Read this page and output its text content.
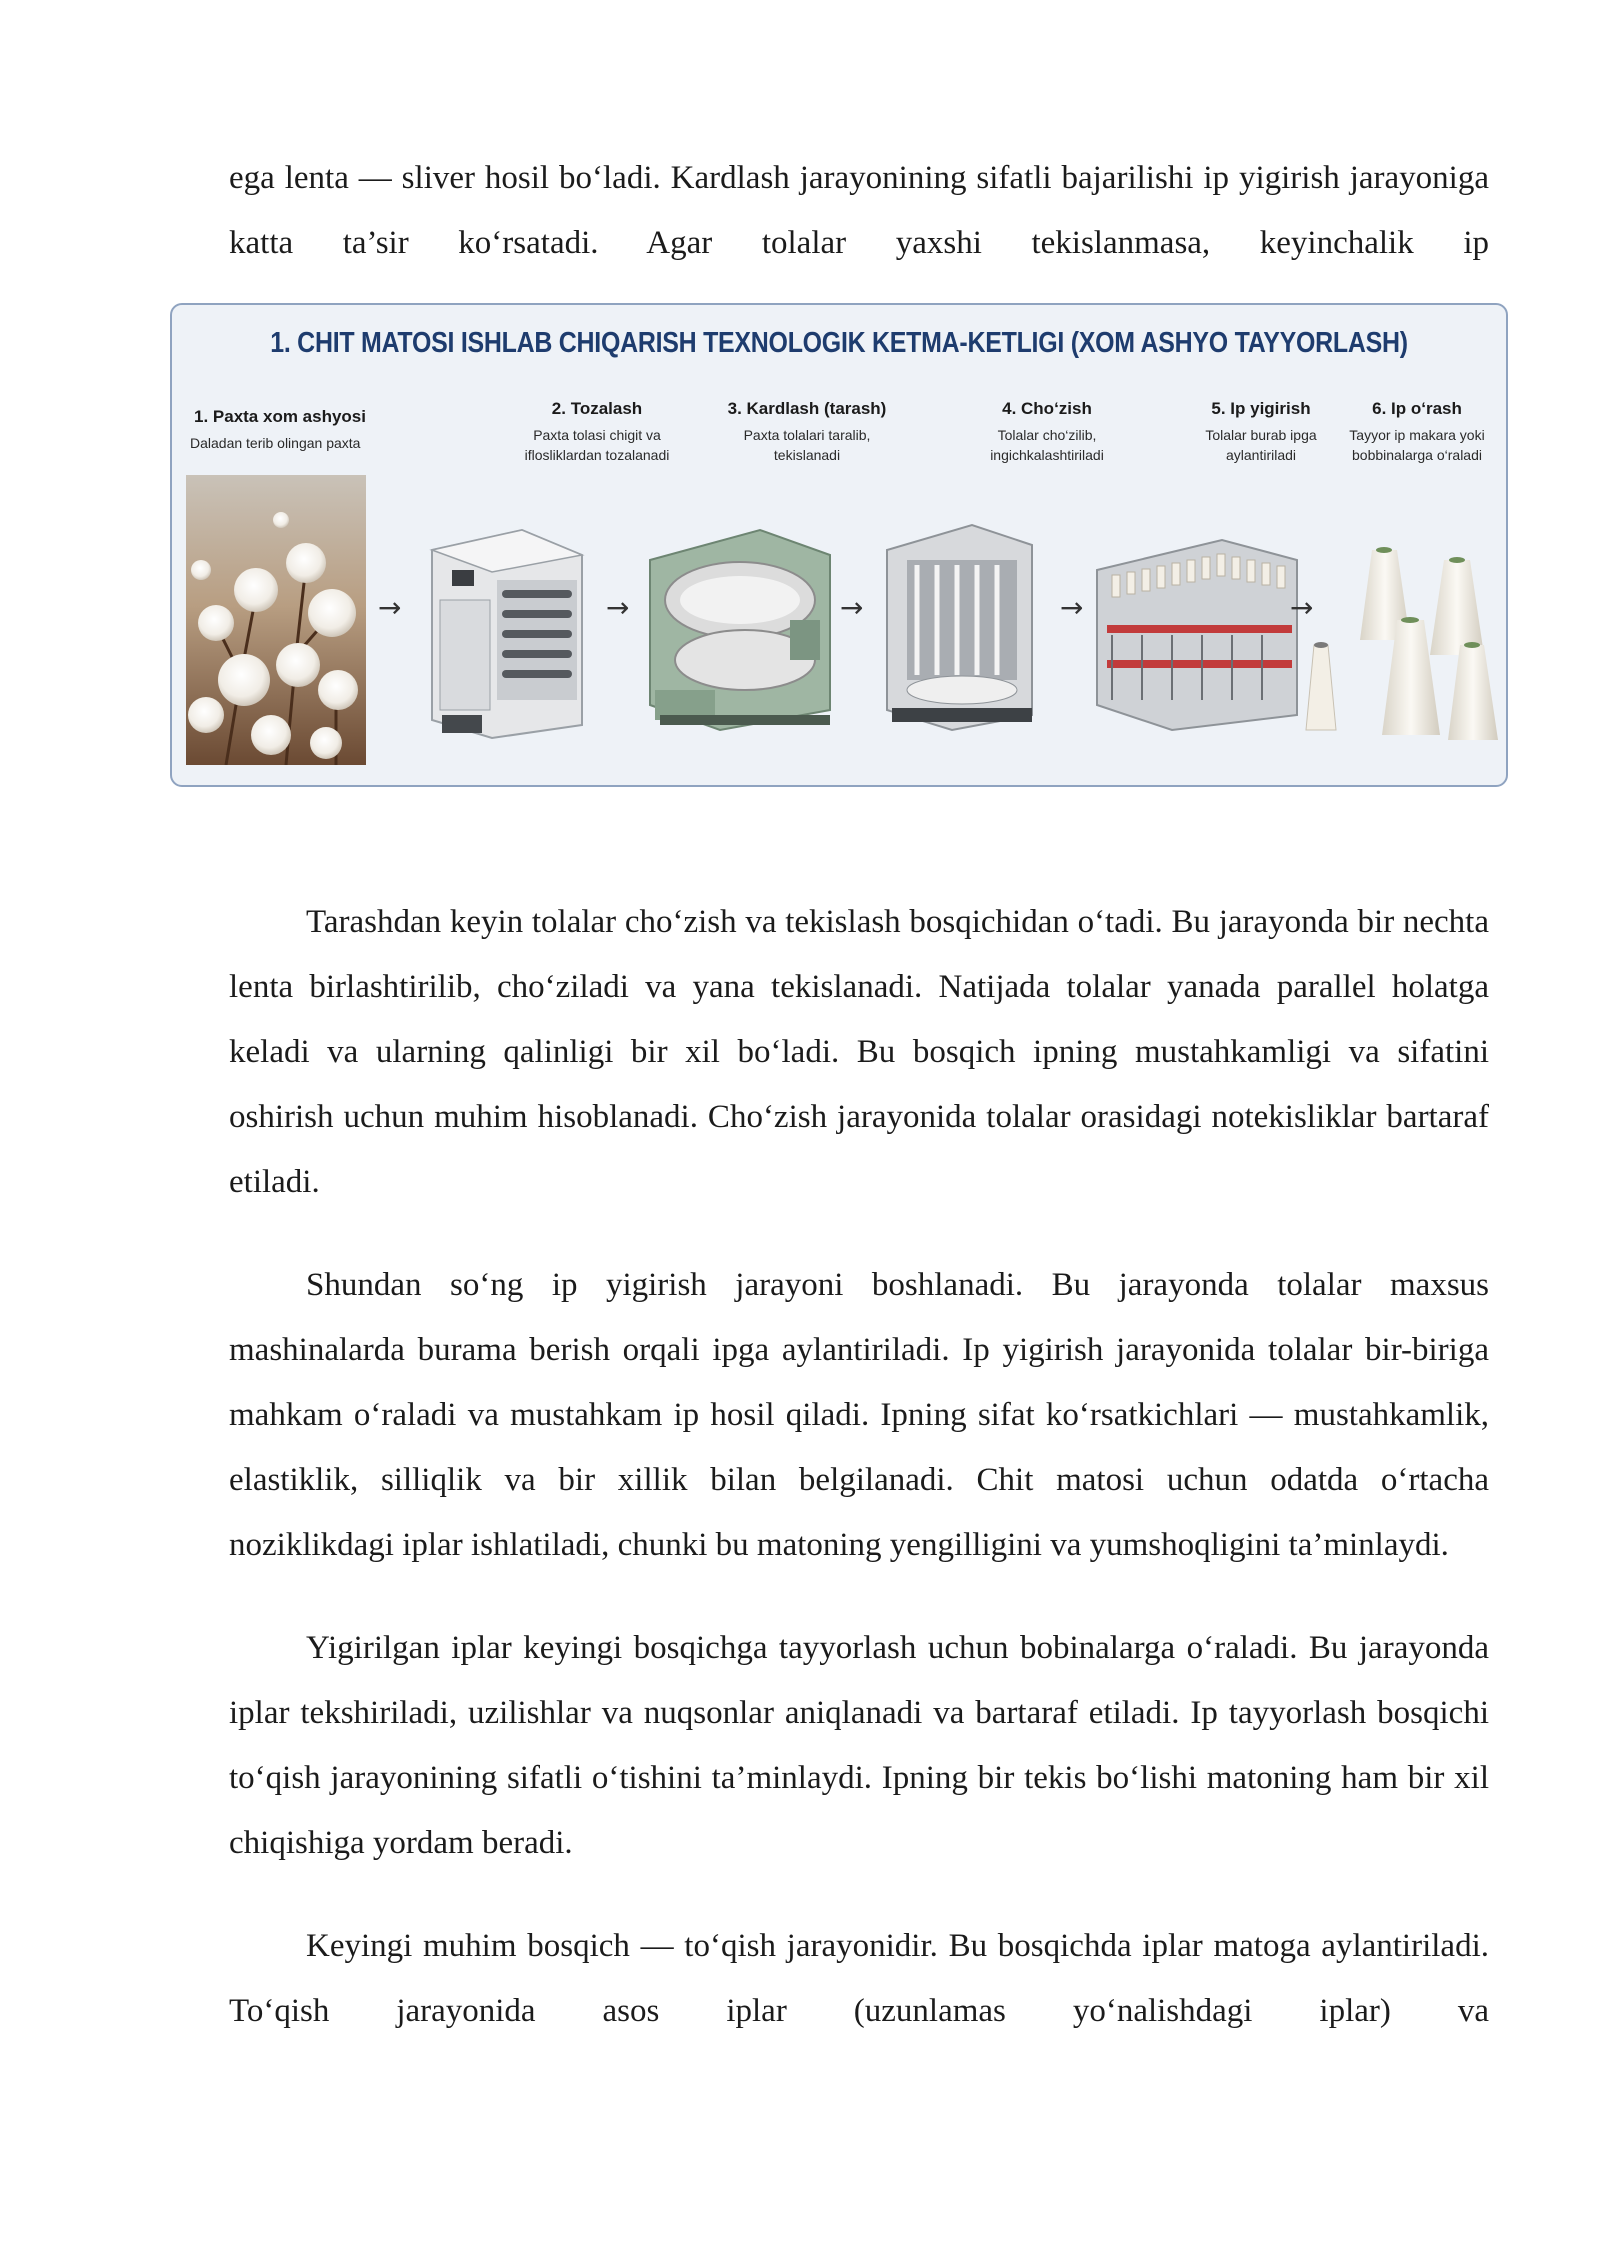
ega lenta — sliver hosil bo‘ladi. Kardlash jarayonining sifatli bajarilishi ip yigirish jarayoniga katta ta’sir ko‘rsatadi. Agar tolalar yaxshi tekislanmasa, keyinchalik ip

1. CHIT MATOSI ISHLAB CHIQARISH TEXNOLOGIK KETMA-KETLIGI (XOM ASHYO TAYYORLASH)
1. Paxta xom ashyosi
Daladan terib olingan paxta
2. Tozalash
Paxta tolasi chigit va iflosliklardan tozalanadi
3. Kardlash (tarash)
Paxta tolalari taralib, tekislanadi
4. Cho‘zish
Tolalar cho‘zilib, ingichkalashtiriladi
5. Ip yigirish
Tolalar burab ipga aylantiriladi
6. Ip o‘rash
Tayyor ip makara yoki bobbinalarga o‘raladi
→	→	→	→	→

Tarashdan keyin tolalar cho‘zish va tekislash bosqichidan o‘tadi. Bu jarayonda bir nechta lenta birlashtirilib, cho‘ziladi va yana tekislanadi. Natijada tolalar yanada parallel holatga keladi va ularning qalinligi bir xil bo‘ladi. Bu bosqich ipning mustahkamligi va sifatini oshirish uchun muhim hisoblanadi. Cho‘zish jarayonida tolalar orasidagi notekisliklar bartaraf etiladi.

Shundan so‘ng ip yigirish jarayoni boshlanadi. Bu jarayonda tolalar maxsus mashinalarda burama berish orqali ipga aylantiriladi. Ip yigirish jarayonida tolalar bir-biriga mahkam o‘raladi va mustahkam ip hosil qiladi. Ipning sifat ko‘rsatkichlari — mustahkamlik, elastiklik, silliqlik va bir xillik bilan belgilanadi. Chit matosi uchun odatda o‘rtacha noziklikdagi iplar ishlatiladi, chunki bu matoning yengilligini va yumshoqligini ta’minlaydi.

Yigirilgan iplar keyingi bosqichga tayyorlash uchun bobinalarga o‘raladi. Bu jarayonda iplar tekshiriladi, uzilishlar va nuqsonlar aniqlanadi va bartaraf etiladi. Ip tayyorlash bosqichi to‘qish jarayonining sifatli o‘tishini ta’minlaydi. Ipning bir tekis bo‘lishi matoning ham bir xil chiqishiga yordam beradi.

Keyingi muhim bosqich — to‘qish jarayonidir. Bu bosqichda iplar matoga aylantiriladi. To‘qish jarayonida asos iplar (uzunlamas yo‘nalishdagi iplar) va
